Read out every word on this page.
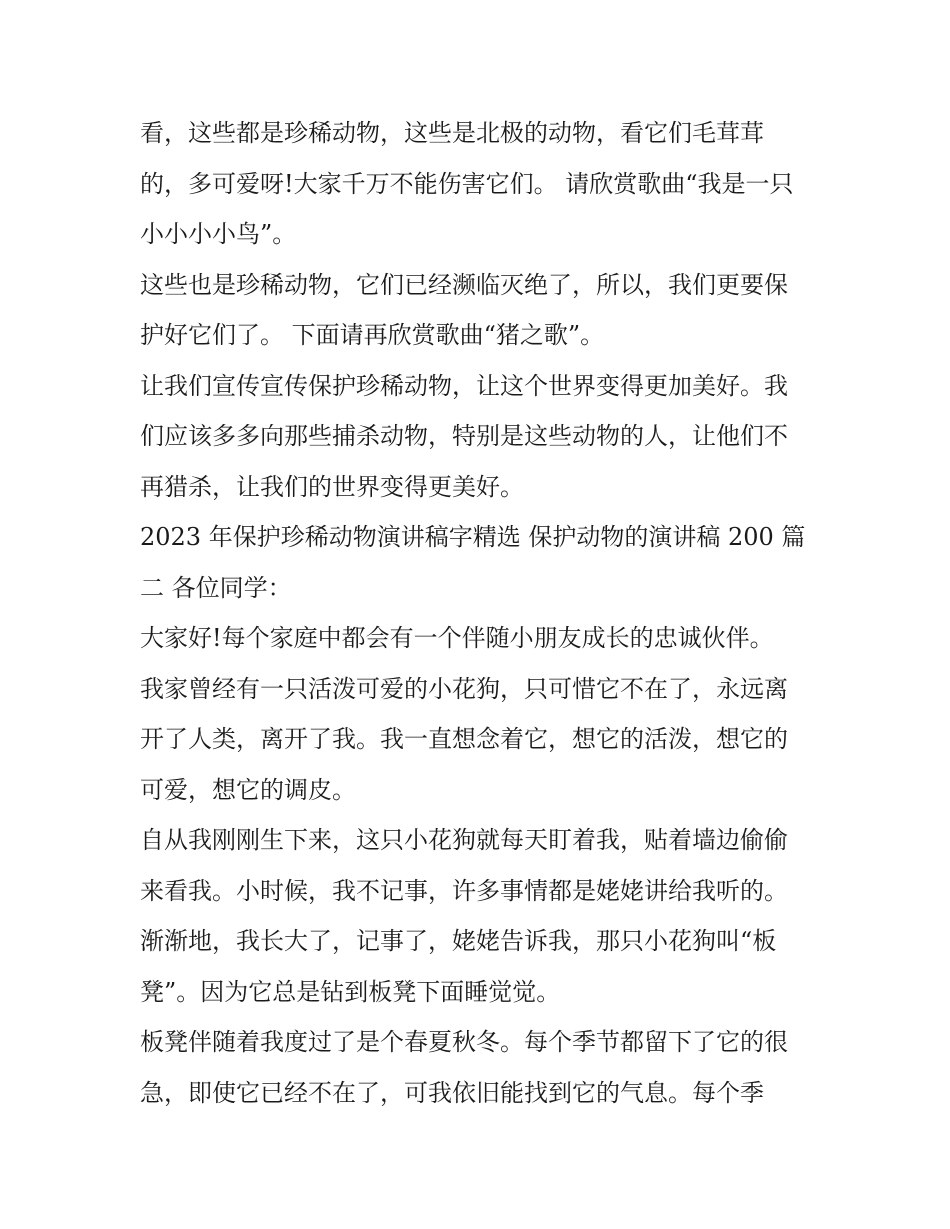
看，这些都是珍稀动物，这些是北极的动物，看它们毛茸茸
的，多可爱呀!大家千万不能伤害它们。 请欣赏歌曲“我是一只
小小小小鸟”。
这些也是珍稀动物，它们已经濒临灭绝了，所以，我们更要保
护好它们了。 下面请再欣赏歌曲“猪之歌”。
让我们宣传宣传保护珍稀动物，让这个世界变得更加美好。我
们应该多多向那些捕杀动物，特别是这些动物的人，让他们不
再猎杀，让我们的世界变得更美好。
2023 年保护珍稀动物演讲稿字精选 保护动物的演讲稿 200 篇
二 各位同学：
大家好!每个家庭中都会有一个伴随小朋友成长的忠诚伙伴。
我家曾经有一只活泼可爱的小花狗，只可惜它不在了，永远离
开了人类，离开了我。我一直想念着它，想它的活泼，想它的
可爱，想它的调皮。
自从我刚刚生下来，这只小花狗就每天盯着我，贴着墙边偷偷
来看我。小时候，我不记事，许多事情都是姥姥讲给我听的。
渐渐地，我长大了，记事了，姥姥告诉我，那只小花狗叫“板
凳”。因为它总是钻到板凳下面睡觉觉。
板凳伴随着我度过了是个春夏秋冬。每个季节都留下了它的很
急，即使它已经不在了，可我依旧能找到它的气息。每个季
